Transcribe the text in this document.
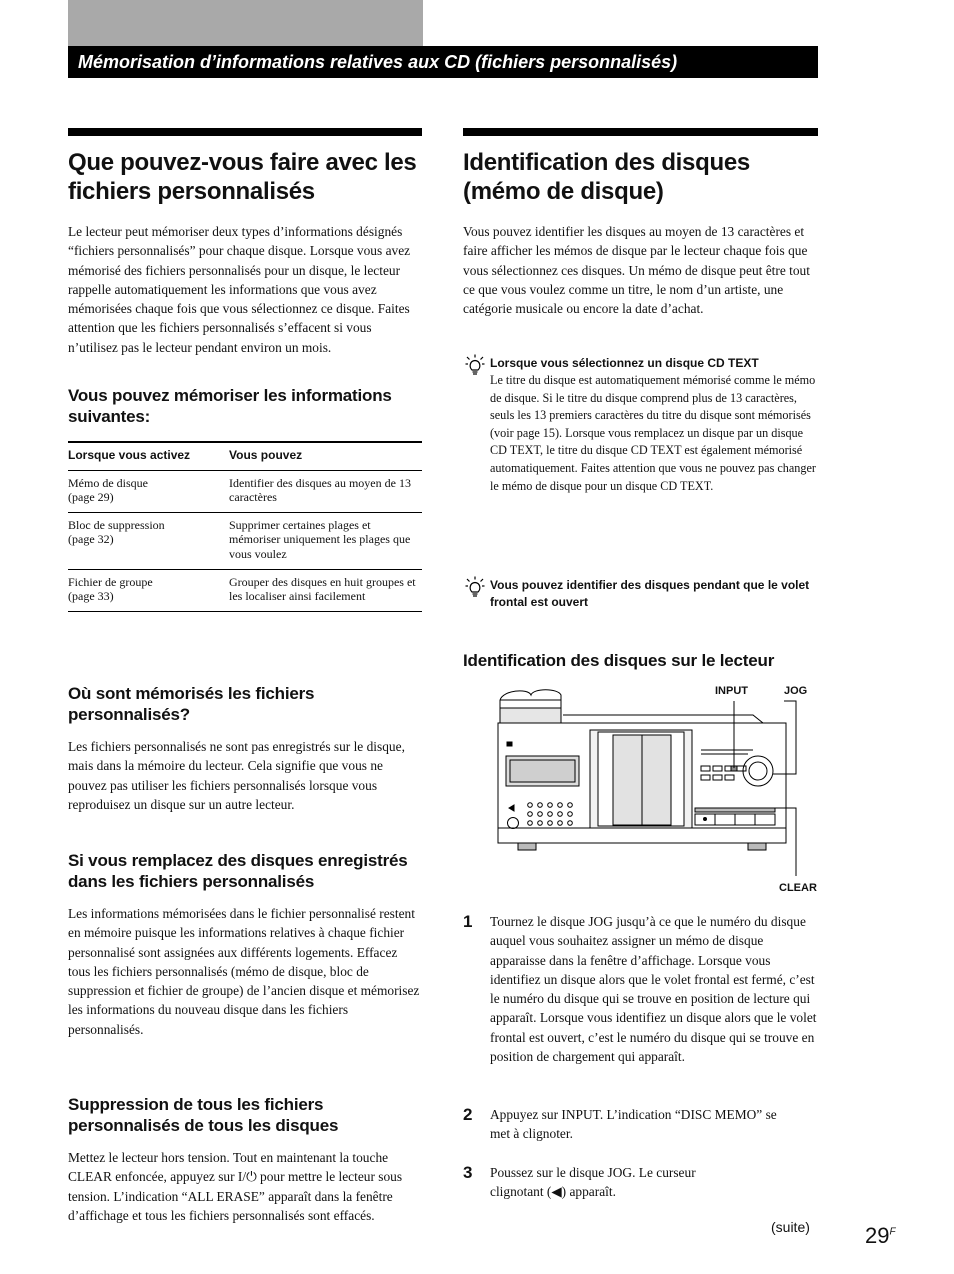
Mémorisation d’informations relatives aux CD (fichiers personnalisés)
Que pouvez-vous faire avec les fichiers personnalisés

Le lecteur peut mémoriser deux types d’informations désignés “fichiers personnalisés” pour chaque disque. Lorsque vous avez mémorisé des fichiers personnalisés pour un disque, le lecteur rappelle automatiquement les informations que vous avez mémorisées chaque fois que vous sélectionnez ce disque. Faites attention que les fichiers personnalisés s’effacent si vous n’utilisez pas le lecteur pendant environ un mois.

Vous pouvez mémoriser les informations suivantes:
Lorsque vous activez	Vous pouvez

Mémo de disque
(page 29)	Identifier des disques au moyen de 13 caractères

Bloc de suppression
(page 32)	Supprimer certaines plages et mémoriser uniquement les plages que vous voulez

Fichier de groupe
(page 33)	Grouper des disques en huit groupes et les localiser ainsi facilement
Où sont mémorisés les fichiers personnalisés?

Les fichiers personnalisés ne sont pas enregistrés sur le disque, mais dans la mémoire du lecteur. Cela signifie que vous ne pouvez pas utiliser les fichiers personnalisés lorsque vous reproduisez un disque sur un autre lecteur.

Si vous remplacez des disques enregistrés dans les fichiers personnalisés

Les informations mémorisées dans le fichier personnalisé restent en mémoire puisque les informations relatives à chaque fichier personnalisé sont assignées aux différents logements. Effacez tous les fichiers personnalisés (mémo de disque, bloc de suppression et fichier de groupe) de l’ancien disque et mémorisez les informations du nouveau disque dans les fichiers personnalisés.

Suppression de tous les fichiers personnalisés de tous les disques

Mettez le lecteur hors tension. Tout en maintenant la touche CLEAR enfoncée, appuyez sur I/⏻ pour mettre le lecteur sous tension. L’indication “ALL ERASE” apparaît dans la fenêtre d’affichage et tous les fichiers personnalisés sont effacés.

Identification des disques (mémo de disque)

Vous pouvez identifier les disques au moyen de 13 caractères et faire afficher les mémos de disque par le lecteur chaque fois que vous sélectionnez ces disques. Un mémo de disque peut être tout ce que vous voulez comme un titre, le nom d’un artiste, une catégorie musicale ou encore la date d’achat.

Lorsque vous sélectionnez un disque CD TEXT
Le titre du disque est automatiquement mémorisé comme le mémo de disque. Si le titre du disque comprend plus de 13 caractères, seuls les 13 premiers caractères du titre du disque sont mémorisés (voir page 15). Lorsque vous remplacez un disque par un disque CD TEXT, le titre du disque CD TEXT est également mémorisé automatiquement. Faites attention que vous ne pouvez pas changer le mémo de disque pour un disque CD TEXT.
Vous pouvez identifier des disques pendant que le volet frontal est ouvert
Identification des disques sur le lecteur
INPUT	JOG
CLEAR
1 Tournez le disque JOG jusqu’à ce que le numéro du disque auquel vous souhaitez assigner un mémo de disque apparaisse dans la fenêtre d’affichage. Lorsque vous identifiez un disque alors que le volet frontal est fermé, c’est le numéro du disque qui se trouve en position de lecture qui apparaît. Lorsque vous identifiez un disque alors que le volet frontal est ouvert, c’est le numéro du disque qui se trouve en position de chargement qui apparaît.
2 Appuyez sur INPUT. L’indication “DISC MEMO” se met à clignoter.
3 Poussez sur le disque JOG. Le curseur clignotant (◀) apparaît.
(suite)	$29^F$
